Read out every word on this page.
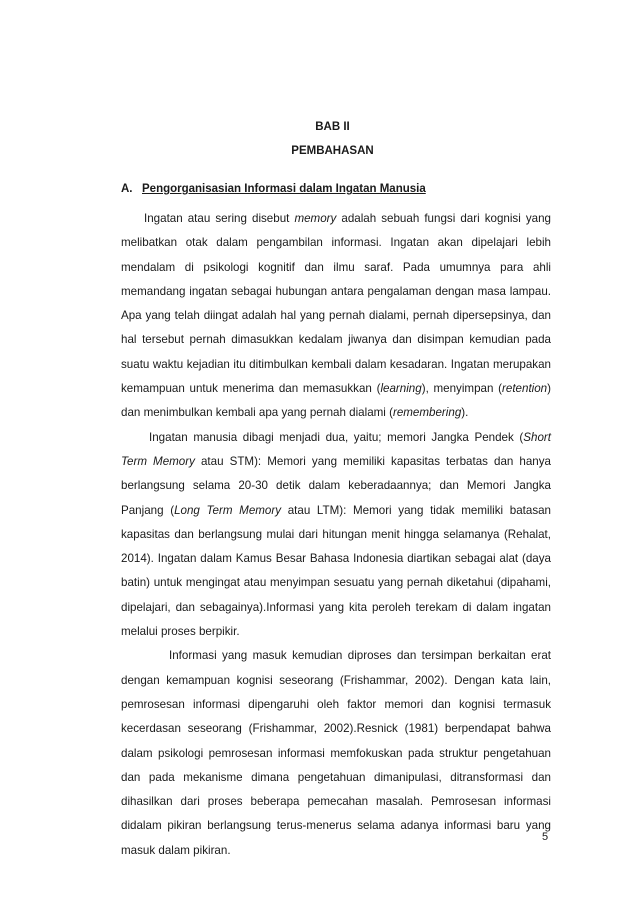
BAB II
PEMBAHASAN
A. Pengorganisasian Informasi dalam Ingatan Manusia

Ingatan atau sering disebut memory adalah sebuah fungsi dari kognisi yang melibatkan otak dalam pengambilan informasi. Ingatan akan dipelajari lebih mendalam di psikologi kognitif dan ilmu saraf. Pada umumnya para ahli memandang ingatan sebagai hubungan antara pengalaman dengan masa lampau. Apa yang telah diingat adalah hal yang pernah dialami, pernah dipersepsinya, dan hal tersebut pernah dimasukkan kedalam jiwanya dan disimpan kemudian pada suatu waktu kejadian itu ditimbulkan kembali dalam kesadaran. Ingatan merupakan kemampuan untuk menerima dan memasukkan (learning), menyimpan (retention) dan menimbulkan kembali apa yang pernah dialami (remembering).

Ingatan manusia dibagi menjadi dua, yaitu; memori Jangka Pendek (Short Term Memory atau STM): Memori yang memiliki kapasitas terbatas dan hanya berlangsung selama 20-30 detik dalam keberadaannya; dan Memori Jangka Panjang (Long Term Memory atau LTM): Memori yang tidak memiliki batasan kapasitas dan berlangsung mulai dari hitungan menit hingga selamanya (Rehalat, 2014). Ingatan dalam Kamus Besar Bahasa Indonesia diartikan sebagai alat (daya batin) untuk mengingat atau menyimpan sesuatu yang pernah diketahui (dipahami, dipelajari, dan sebagainya).Informasi yang kita peroleh terekam di dalam ingatan melalui proses berpikir.

Informasi yang masuk kemudian diproses dan tersimpan berkaitan erat dengan kemampuan kognisi seseorang (Frishammar, 2002). Dengan kata lain, pemrosesan informasi dipengaruhi oleh faktor memori dan kognisi termasuk kecerdasan seseorang (Frishammar, 2002).Resnick (1981) berpendapat bahwa dalam psikologi pemrosesan informasi memfokuskan pada struktur pengetahuan dan pada mekanisme dimana pengetahuan dimanipulasi, ditransformasi dan dihasilkan dari proses beberapa pemecahan masalah. Pemrosesan informasi didalam pikiran berlangsung terus-menerus selama adanya informasi baru yang masuk dalam pikiran.

5
